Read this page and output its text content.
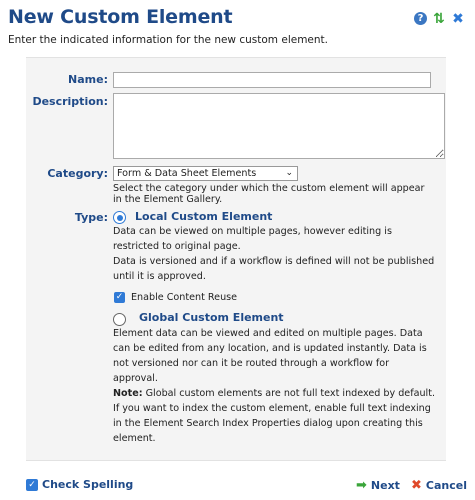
New Custom Element
Enter the indicated information for the new custom element.
? ⇅ ✖
Name:
Description:
Category: Form & Data Sheet Elements	⌄
Select the category under which the custom element will appear
in the Element Gallery.
Type: Local Custom Element
Data can be viewed on multiple pages, however editing is
restricted to original page.
Data is versioned and if a workflow is defined will not be published
until it is approved.
✓ Enable Content Reuse
Global Custom Element
Element data can be viewed and edited on multiple pages. Data
can be edited from any location, and is updated instantly. Data is
not versioned nor can it be routed through a workflow for
approval.
Note: Global custom elements are not full text indexed by default.
If you want to index the custom element, enable full text indexing
in the Element Search Index Properties dialog upon creating this
element.
✓ Check Spelling	➡ Next ✖ Cancel
